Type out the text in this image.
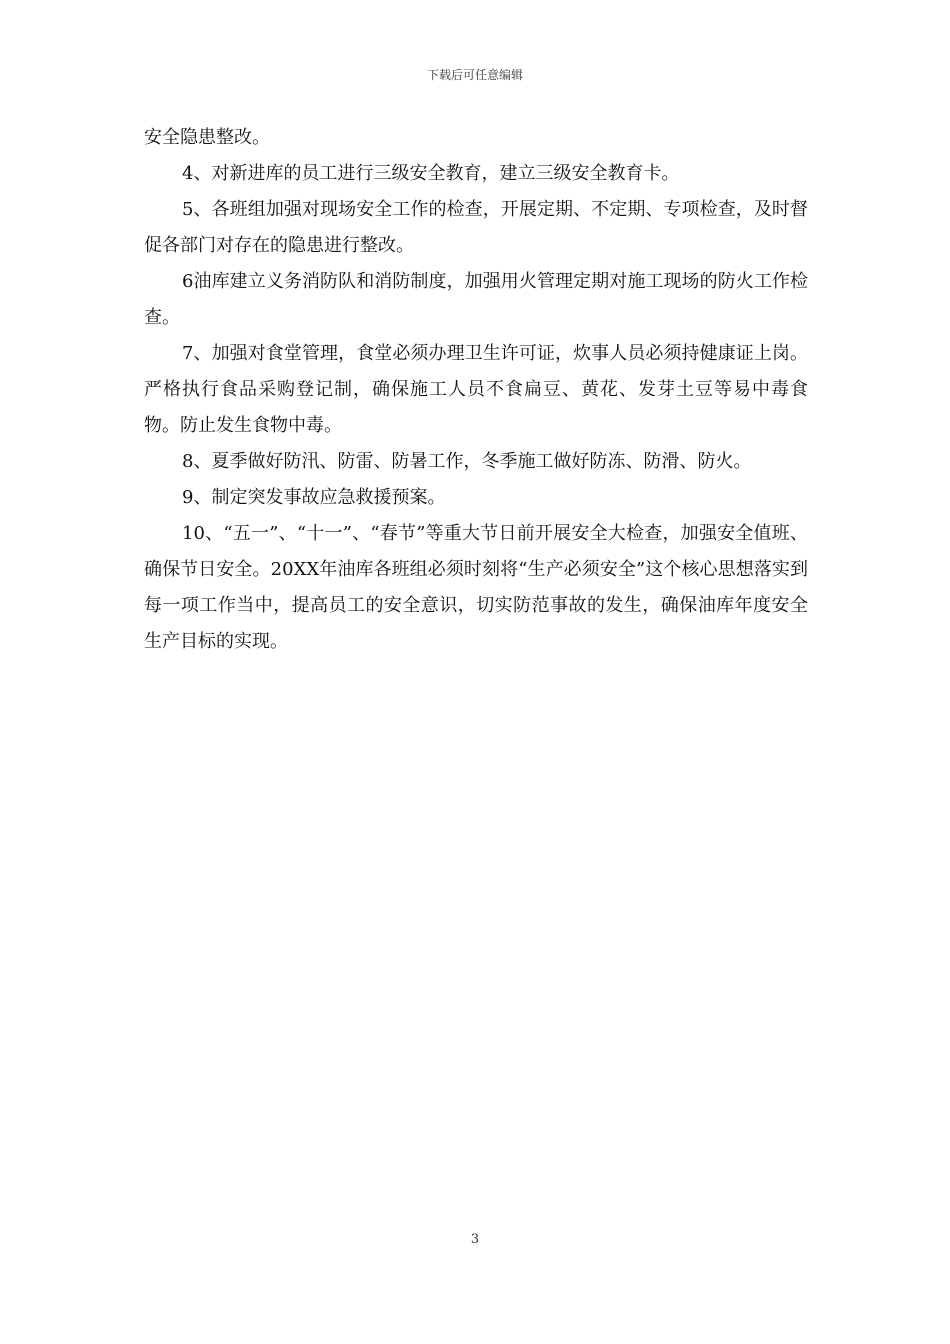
下载后可任意编辑

安全隐患整改。

4、对新进库的员工进行三级安全教育，建立三级安全教育卡。

5、各班组加强对现场安全工作的检查，开展定期、不定期、专项检查，及时督促各部门对存在的隐患进行整改。

6油库建立义务消防队和消防制度，加强用火管理定期对施工现场的防火工作检查。

7、加强对食堂管理，食堂必须办理卫生许可证，炊事人员必须持健康证上岗。严格执行食品采购登记制，确保施工人员不食扁豆、黄花、发芽土豆等易中毒食物。防止发生食物中毒。

8、夏季做好防汛、防雷、防暑工作，冬季施工做好防冻、防滑、防火。

9、制定突发事故应急救援预案。

10、“五一”、“十一”、“春节”等重大节日前开展安全大检查，加强安全值班、确保节日安全。20XX年油库各班组必须时刻将“生产必须安全”这个核心思想落实到每一项工作当中，提高员工的安全意识，切实防范事故的发生，确保油库年度安全生产目标的实现。

3
